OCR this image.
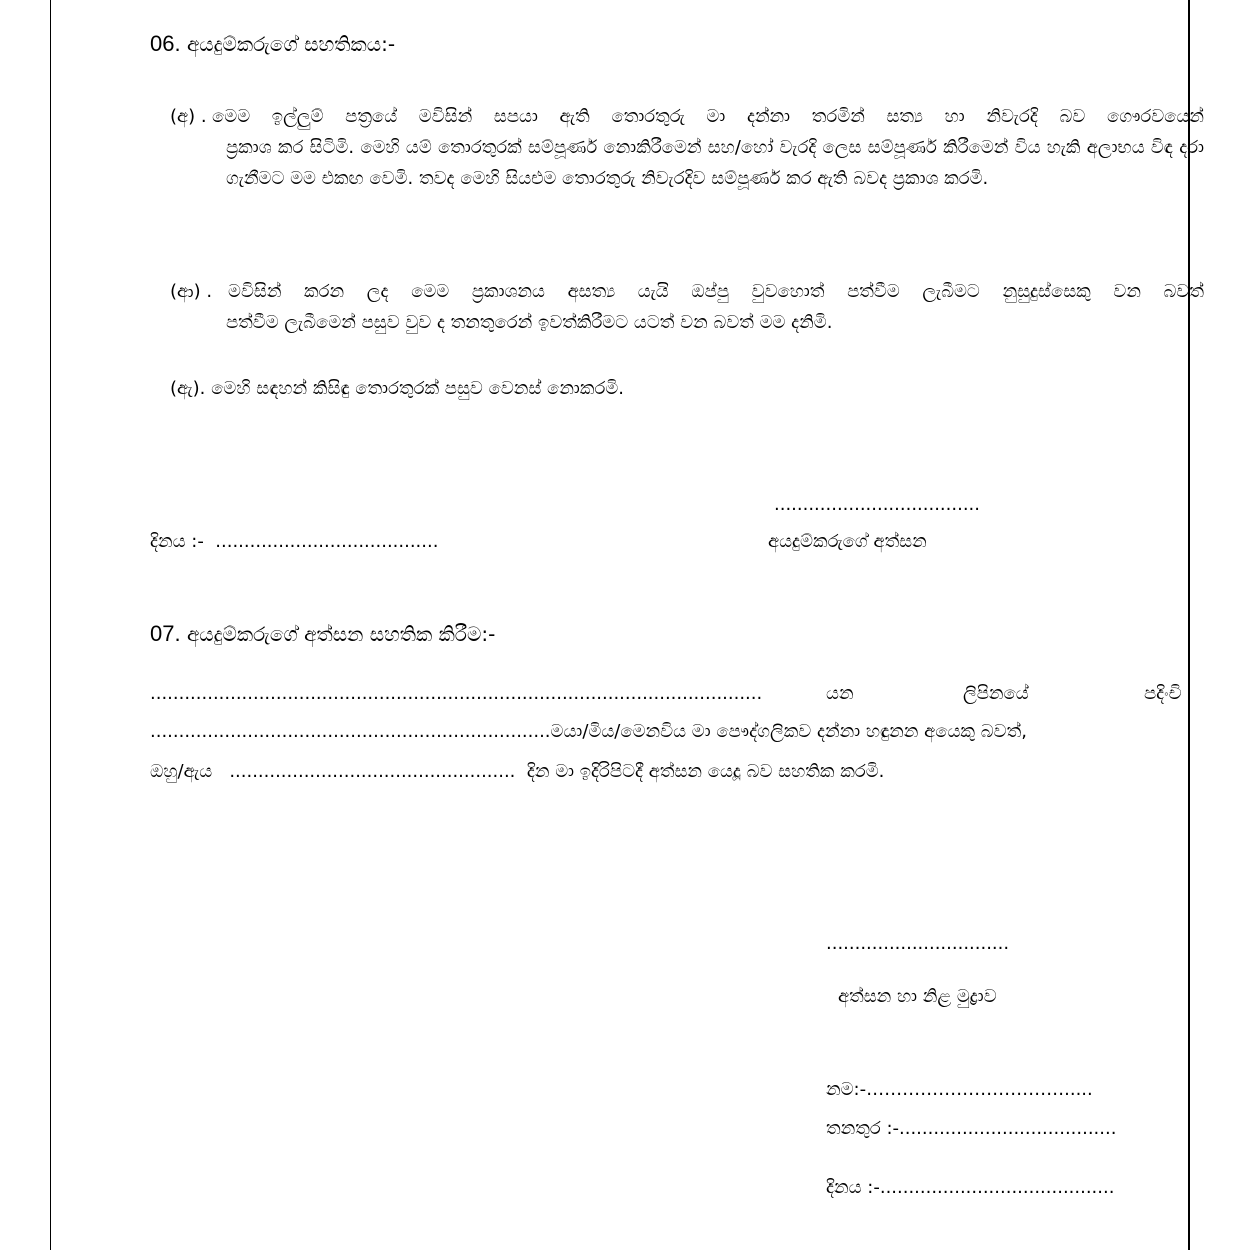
06. අයදුම්කරුගේ සහතිකය:-
(අ) . මෙම ඉල්ලුම් පත්‍රයේ මවිසින් සපයා ඇති තොරතුරු මා දන්නා තරමින් සත්‍ය හා නිවැරදි බව ගෞරවයෙන්
ප්‍රකාශ කර සිටිමි. මෙහි යම් තොරතුරක් සම්පූර්ණ නොකිරීමෙන් සහ/හෝ වැරදි ලෙස සම්පූර්ණ කිරීමෙන් විය හැකි අලාභය විඳ දරා ගැනීමට මම එකඟ වෙමි. තවද මෙහි සියළුම තොරතුරු නිවැරදිව සම්පූර්ණ කර ඇති බවද ප්‍රකාශ කරමි.
(ආ) . මවිසින් කරන ලද මෙම ප්‍රකාශනය අසත්‍ය යැයි ඔප්පු වුවහොත් පත්වීම ලැබීමට නුසුදුස්සෙකු වන බවත්
පත්වීම ලැබීමෙන් පසුව වුව ද තනතුරෙන් ඉවත්කිරීමට යටත් වන බවත් මම දනිමි.
(ඇ). මෙහි සඳහන් කිසිඳු තොරතුරක් පසුව වෙනස් නොකරමි.
....................................
අයදුම්කරුගේ අත්සන
දිනය :- .......................................
07. අයදුම්කරුගේ අත්සන සහතික කිරීම:-
...........................................................................................................	යන	ලිපිනයේ	පදිංචි
......................................................................මයා/මිය/මෙනවිය මා පෞද්ගලිකව දන්නා හඳුනන අයෙකු බවත්,
ඔහු/ඇය .................................................. දින මා ඉදිරිපිටදී අත්සන යෙදූ බව සහතික කරමි.
................................
අත්සන හා නිළ මුද්‍රාව
නම:-…………………………….....
තනතුර :-......................................
දිනය :-.........................................
